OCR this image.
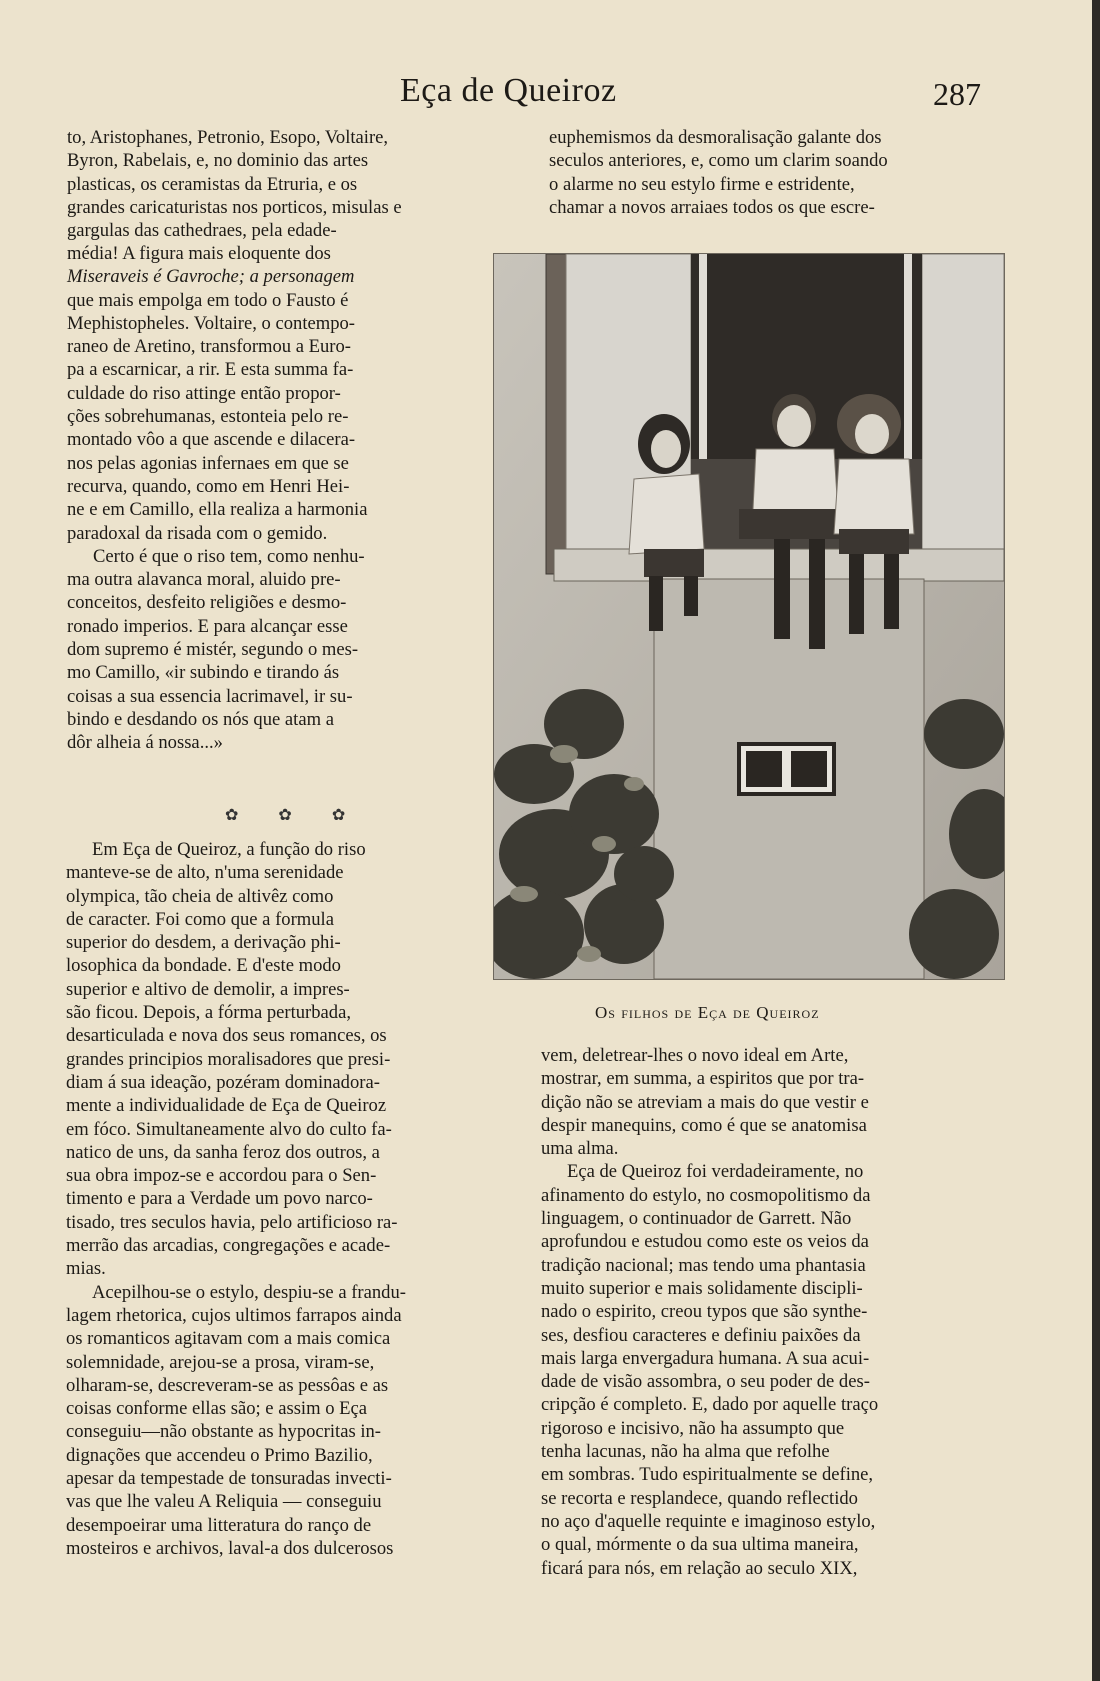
Eça de Queiroz	287

to, Aristophanes, Petronio, Esopo, Voltaire,

Byron, Rabelais, e, no dominio das artes

plasticas, os ceramistas da Etruria, e os

grandes caricaturistas nos porticos, misulas e

gargulas das cathedraes, pela edade-

média! A figura mais eloquente dos

Miseraveis é Gavroche; a personagem

que mais empolga em todo o Fausto é

Mephistopheles. Voltaire, o contempo-

raneo de Aretino, transformou a Euro-

pa a escarnicar, a rir. E esta summa fa-

culdade do riso attinge então propor-

ções sobrehumanas, estonteia pelo re-

montado vôo a que ascende e dilacera-

nos pelas agonias infernaes em que se

recurva, quando, como em Henri Hei-

ne e em Camillo, ella realiza a harmonia

paradoxal da risada com o gemido.

Certo é que o riso tem, como nenhu-

ma outra alavanca moral, aluido pre-

conceitos, desfeito religiões e desmo-

ronado imperios. E para alcançar esse

dom supremo é mistér, segundo o mes-

mo Camillo, «ir subindo e tirando ás

coisas a sua essencia lacrimavel, ir su-

bindo e desdando os nós que atam a

dôr alheia á nossa...»

✿ ✿ ✿

Em Eça de Queiroz, a função do riso

manteve-se de alto, n'uma serenidade

olympica, tão cheia de altivêz como

de caracter. Foi como que a formula

superior do desdem, a derivação phi-

losophica da bondade. E d'este modo

superior e altivo de demolir, a impres-

são ficou. Depois, a fórma perturbada,

desarticulada e nova dos seus romances, os

grandes principios moralisadores que presi-

diam á sua ideação, pozéram dominadora-

mente a individualidade de Eça de Queiroz

em fóco. Simultaneamente alvo do culto fa-

natico de uns, da sanha feroz dos outros, a

sua obra impoz-se e accordou para o Sen-

timento e para a Verdade um povo narco-

tisado, tres seculos havia, pelo artificioso ra-

merrão das arcadias, congregações e acade-

mias.

Acepilhou-se o estylo, despiu-se a frandu-

lagem rhetorica, cujos ultimos farrapos ainda

os romanticos agitavam com a mais comica

solemnidade, arejou-se a prosa, viram-se,

olharam-se, descreveram-se as pessôas e as

coisas conforme ellas são; e assim o Eça

conseguiu—não obstante as hypocritas in-

dignações que accendeu o Primo Bazilio,

apesar da tempestade de tonsuradas invecti-

vas que lhe valeu A Reliquia — conseguiu

desempoeirar uma litteratura do ranço de

mosteiros e archivos, laval-a dos dulcerosos

euphemismos da desmoralisação galante dos

seculos anteriores, e, como um clarim soando

o alarme no seu estylo firme e estridente,

chamar a novos arraiaes todos os que escre-

Os filhos de Eça de Queiroz

vem, deletrear-lhes o novo ideal em Arte,

mostrar, em summa, a espiritos que por tra-

dição não se atreviam a mais do que vestir e

despir manequins, como é que se anatomisa

uma alma.

Eça de Queiroz foi verdadeiramente, no

afinamento do estylo, no cosmopolitismo da

linguagem, o continuador de Garrett. Não

aprofundou e estudou como este os veios da

tradição nacional; mas tendo uma phantasia

muito superior e mais solidamente discipli-

nado o espirito, creou typos que são synthe-

ses, desfiou caracteres e definiu paixões da

mais larga envergadura humana. A sua acui-

dade de visão assombra, o seu poder de des-

cripção é completo. E, dado por aquelle traço

rigoroso e incisivo, não ha assumpto que

tenha lacunas, não ha alma que refolhe

em sombras. Tudo espiritualmente se define,

se recorta e resplandece, quando reflectido

no aço d'aquelle requinte e imaginoso estylo,

o qual, mórmente o da sua ultima maneira,

ficará para nós, em relação ao seculo XIX,
